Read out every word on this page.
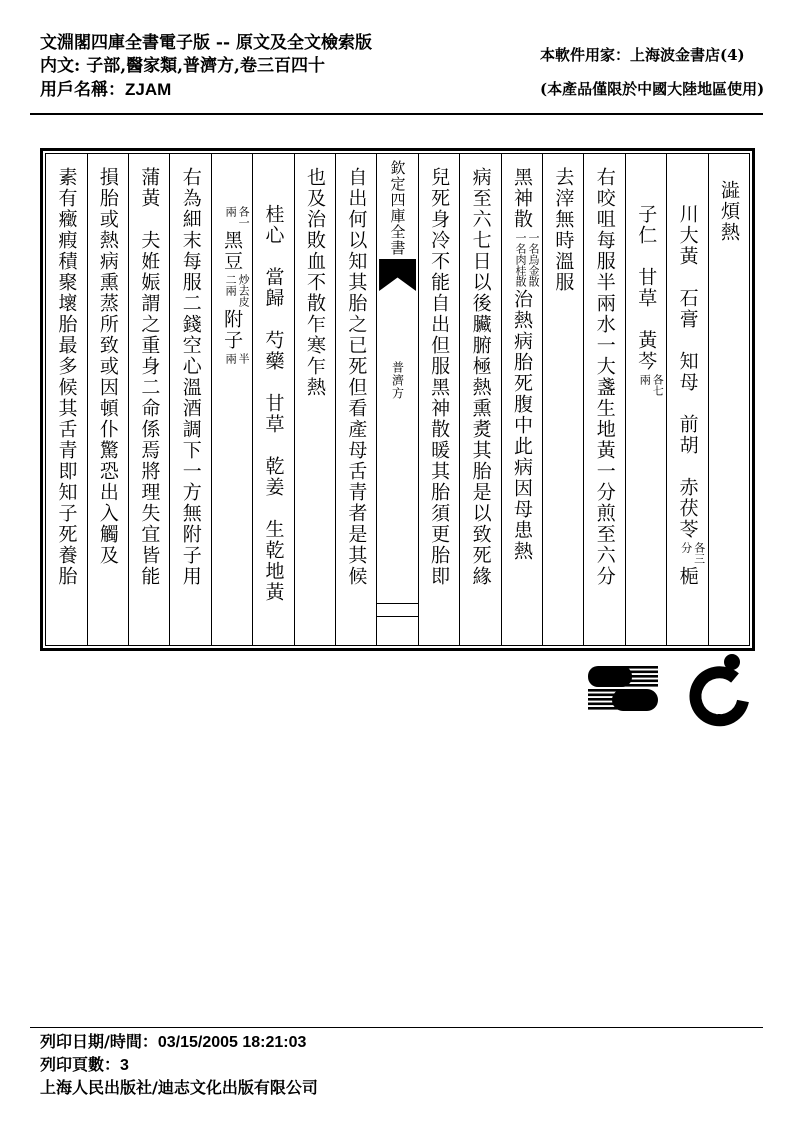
文淵閣四庫全書電子版 -- 原文及全文檢索版
内文: 子部,醫家類,普濟方,卷三百四十
用戶名稱：ZJAM
本軟件用家：上海波金書店(4)
(本產品僅限於中國大陸地區使用)
澁煩熱
川大黃　石膏　知母　前胡　赤茯苓各三
分梔
子仁　甘草　黃芩各七
兩
右咬咀每服半兩水一大盞生地黃一分煎至六分
去滓無時溫服
黑神散一名烏金散
一名肉桂散治熱病胎死腹中此病因母患熱
病至六七日以後臟腑極熱熏煑其胎是以致死緣
兒死身冷不能自出但服黑神散暖其胎須更胎即
欽定四庫全書
普濟方
自出何以知其胎之已死但看產母舌青者是其候
也及治敗血不散乍寒乍熱
桂心　當歸　芍藥　甘草　乾姜　生乾地黃
各一
兩黑豆炒去皮
二兩附子半
兩
右為細末每服二錢空心溫酒調下一方無附子用
蒲黃　夫姙娠謂之重身二命係焉將理失宜皆能
損胎或熱病熏蒸所致或因頓仆驚恐出入觸及
素有癥瘕積聚壞胎最多候其舌青即知子死養胎
列印日期/時間：03/15/2005 18:21:03
列印頁數：3
上海人民出版社/迪志文化出版有限公司
